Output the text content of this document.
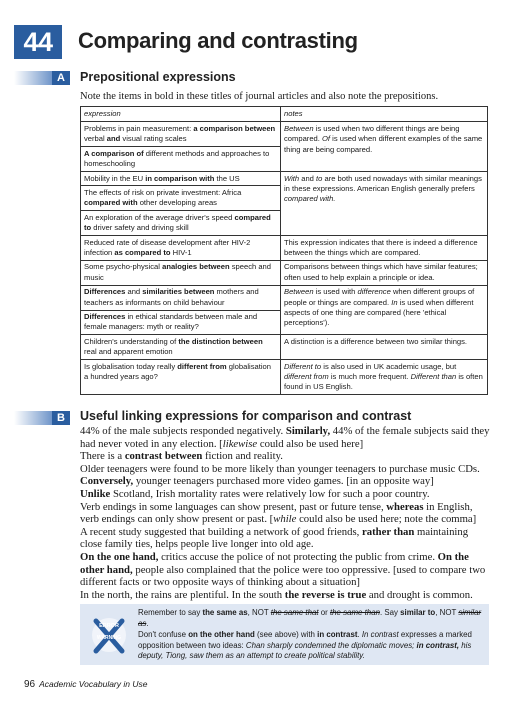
44	Comparing and contrasting
A	Prepositional expressions
Note the items in bold in these titles of journal articles and also note the prepositions.
expression	notes
Problems in pain measurement: a comparison between verbal and visual rating scales	Between is used when two different things are being compared. Of is used when different examples of the same thing are being compared.
A comparison of different methods and approaches to homeschooling	
Mobility in the EU in comparison with the US	With and to are both used nowadays with similar meanings in these expressions. American English generally prefers compared with.
The effects of risk on private investment: Africa compared with other developing areas	
An exploration of the average driver's speed compared to driver safety and driving skill	
Reduced rate of disease development after HIV-2 infection as compared to HIV-1	This expression indicates that there is indeed a difference between the things which are compared.
Some psycho-physical analogies between speech and music	Comparisons between things which have similar features; often used to help explain a principle or idea.
Differences and similarities between mothers and teachers as informants on child behaviour	Between is used with difference when different groups of people or things are compared. In is used when different aspects of one thing are compared (here 'ethical perceptions').
Differences in ethical standards between male and female managers: myth or reality?	
Children's understanding of the distinction between real and apparent emotion	A distinction is a difference between two similar things.
Is globalisation today really different from globalisation a hundred years ago?	Different to is also used in UK academic usage, but different from is much more frequent. Different than is often found in US English.
B	Useful linking expressions for comparison and contrast

44% of the male subjects responded negatively. Similarly, 44% of the female subjects said they had never voted in any election. [likewise could also be used here]

There is a contrast between fiction and reality.

Older teenagers were found to be more likely than younger teenagers to purchase music CDs.

Conversely, younger teenagers purchased more video games. [in an opposite way]

Unlike Scotland, Irish mortality rates were relatively low for such a poor country.

Verb endings in some languages can show present, past or future tense, whereas in English, verb endings can only show present or past. [while could also be used here; note the comma]

A recent study suggested that building a network of good friends, rather than maintaining close family ties, helps people live longer into old age.

On the one hand, critics accuse the police of not protecting the public from crime. On the other hand, people also complained that the police were too oppressive. [used to compare two different facts or two opposite ways of thinking about a situation]

In the north, the rains are plentiful. In the south the reverse is true and drought is common.

ERROR
WARNING
Remember to say the same as, NOT the same that or the same than. Say similar to, NOT similar as.
Don't confuse on the other hand (see above) with in contrast. In contrast expresses a marked opposition between two ideas: Chan sharply condemned the diplomatic moves; in contrast, his deputy, Tiong, saw them as an attempt to create political stability.
96 Academic Vocabulary in Use
